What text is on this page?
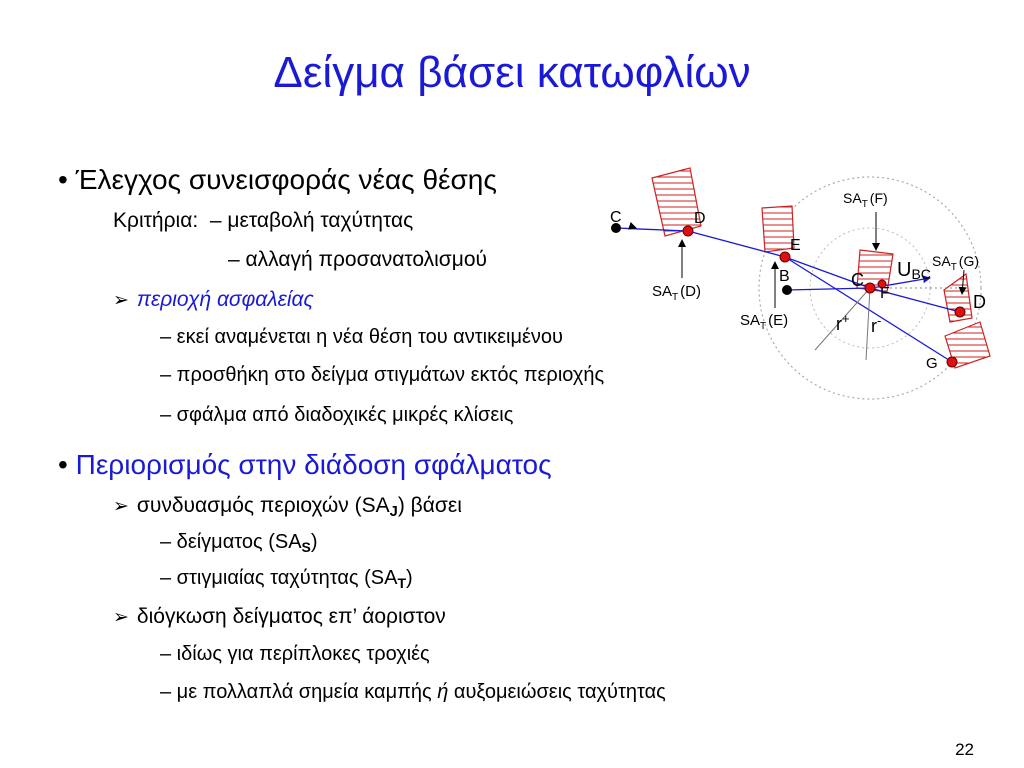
Δείγμα βάσει κατωφλίων
• Έλεγχος συνεισφοράς νέας θέσης
Κριτήρια: – μεταβολή ταχύτητας
– αλλαγή προσανατολισμού
➢ περιοχή ασφαλείας
– εκεί αναμένεται η νέα θέση του αντικειμένου
– προσθήκη στο δείγμα στιγμάτων εκτός περιοχής
– σφάλμα από διαδοχικές μικρές κλίσεις
• Περιορισμός στην διάδοση σφάλματος
➢ συνδυασμός περιοχών $(SA_J)$ βάσει
– δείγματος $(SA_S)$
– στιγμιαίας ταχύτητας $(SA_T)$
➢ διόγκωση δείγματος επ’ άοριστον
– ιδίως για περίπλοκες τροχιές
– με πολλαπλά σημεία καμπής ή αυξομειώσεις ταχύτητας
22
C	D
E
B	C
F	D
G
$SA_T$ (F)
$SA_T$ (G)
$SA_T$ (D)
$SA_T$ (E)
UBC
r+ r-
